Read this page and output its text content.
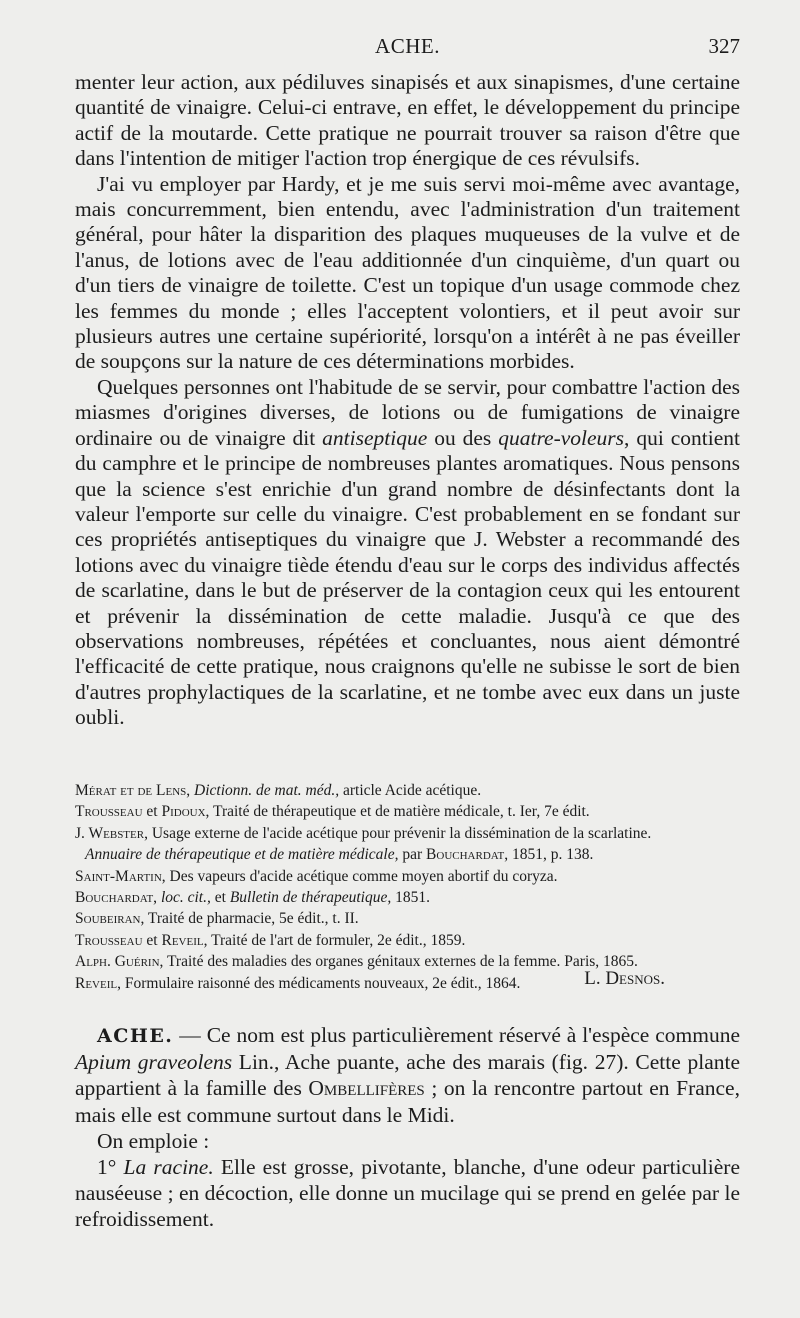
ACHE.	327

menter leur action, aux pédiluves sinapisés et aux sinapismes, d'une certaine quantité de vinaigre. Celui-ci entrave, en effet, le développement du principe actif de la moutarde. Cette pratique ne pourrait trouver sa raison d'être que dans l'intention de mitiger l'action trop énergique de ces révulsifs.

J'ai vu employer par Hardy, et je me suis servi moi-même avec avantage, mais concurremment, bien entendu, avec l'administration d'un traitement général, pour hâter la disparition des plaques muqueuses de la vulve et de l'anus, de lotions avec de l'eau additionnée d'un cinquième, d'un quart ou d'un tiers de vinaigre de toilette. C'est un topique d'un usage commode chez les femmes du monde ; elles l'acceptent volontiers, et il peut avoir sur plusieurs autres une certaine supériorité, lorsqu'on a intérêt à ne pas éveiller de soupçons sur la nature de ces déterminations morbides.

Quelques personnes ont l'habitude de se servir, pour combattre l'action des miasmes d'origines diverses, de lotions ou de fumigations de vinaigre ordinaire ou de vinaigre dit antiseptique ou des quatre-voleurs, qui contient du camphre et le principe de nombreuses plantes aromatiques. Nous pensons que la science s'est enrichie d'un grand nombre de désinfectants dont la valeur l'emporte sur celle du vinaigre. C'est probablement en se fondant sur ces propriétés antiseptiques du vinaigre que J. Webster a recommandé des lotions avec du vinaigre tiède étendu d'eau sur le corps des individus affectés de scarlatine, dans le but de préserver de la contagion ceux qui les entourent et prévenir la dissémination de cette maladie. Jusqu'à ce que des observations nombreuses, répétées et concluantes, nous aient démontré l'efficacité de cette pratique, nous craignons qu'elle ne subisse le sort de bien d'autres prophylactiques de la scarlatine, et ne tombe avec eux dans un juste oubli.

Mérat et de Lens, Dictionn. de mat. méd., article Acide acétique.
Trousseau et Pidoux, Traité de thérapeutique et de matière médicale, t. Ier, 7e édit.
J. Webster, Usage externe de l'acide acétique pour prévenir la dissémination de la scarlatine.
Annuaire de thérapeutique et de matière médicale, par Bouchardat, 1851, p. 138.
Saint-Martin, Des vapeurs d'acide acétique comme moyen abortif du coryza.
Bouchardat, loc. cit., et Bulletin de thérapeutique, 1851.
Soubeiran, Traité de pharmacie, 5e édit., t. II.
Trousseau et Reveil, Traité de l'art de formuler, 2e édit., 1859.
Alph. Guérin, Traité des maladies des organes génitaux externes de la femme. Paris, 1865.
Reveil, Formulaire raisonné des médicaments nouveaux, 2e édit., 1864.	L. Desnos.

ACHE. — Ce nom est plus particulièrement réservé à l'espèce commune Apium graveolens Lin., Ache puante, ache des marais (fig. 27). Cette plante appartient à la famille des Ombellifères ; on la rencontre partout en France, mais elle est commune surtout dans le Midi.

On emploie :

1° La racine. Elle est grosse, pivotante, blanche, d'une odeur particulière nauséeuse ; en décoction, elle donne un mucilage qui se prend en gelée par le refroidissement.
